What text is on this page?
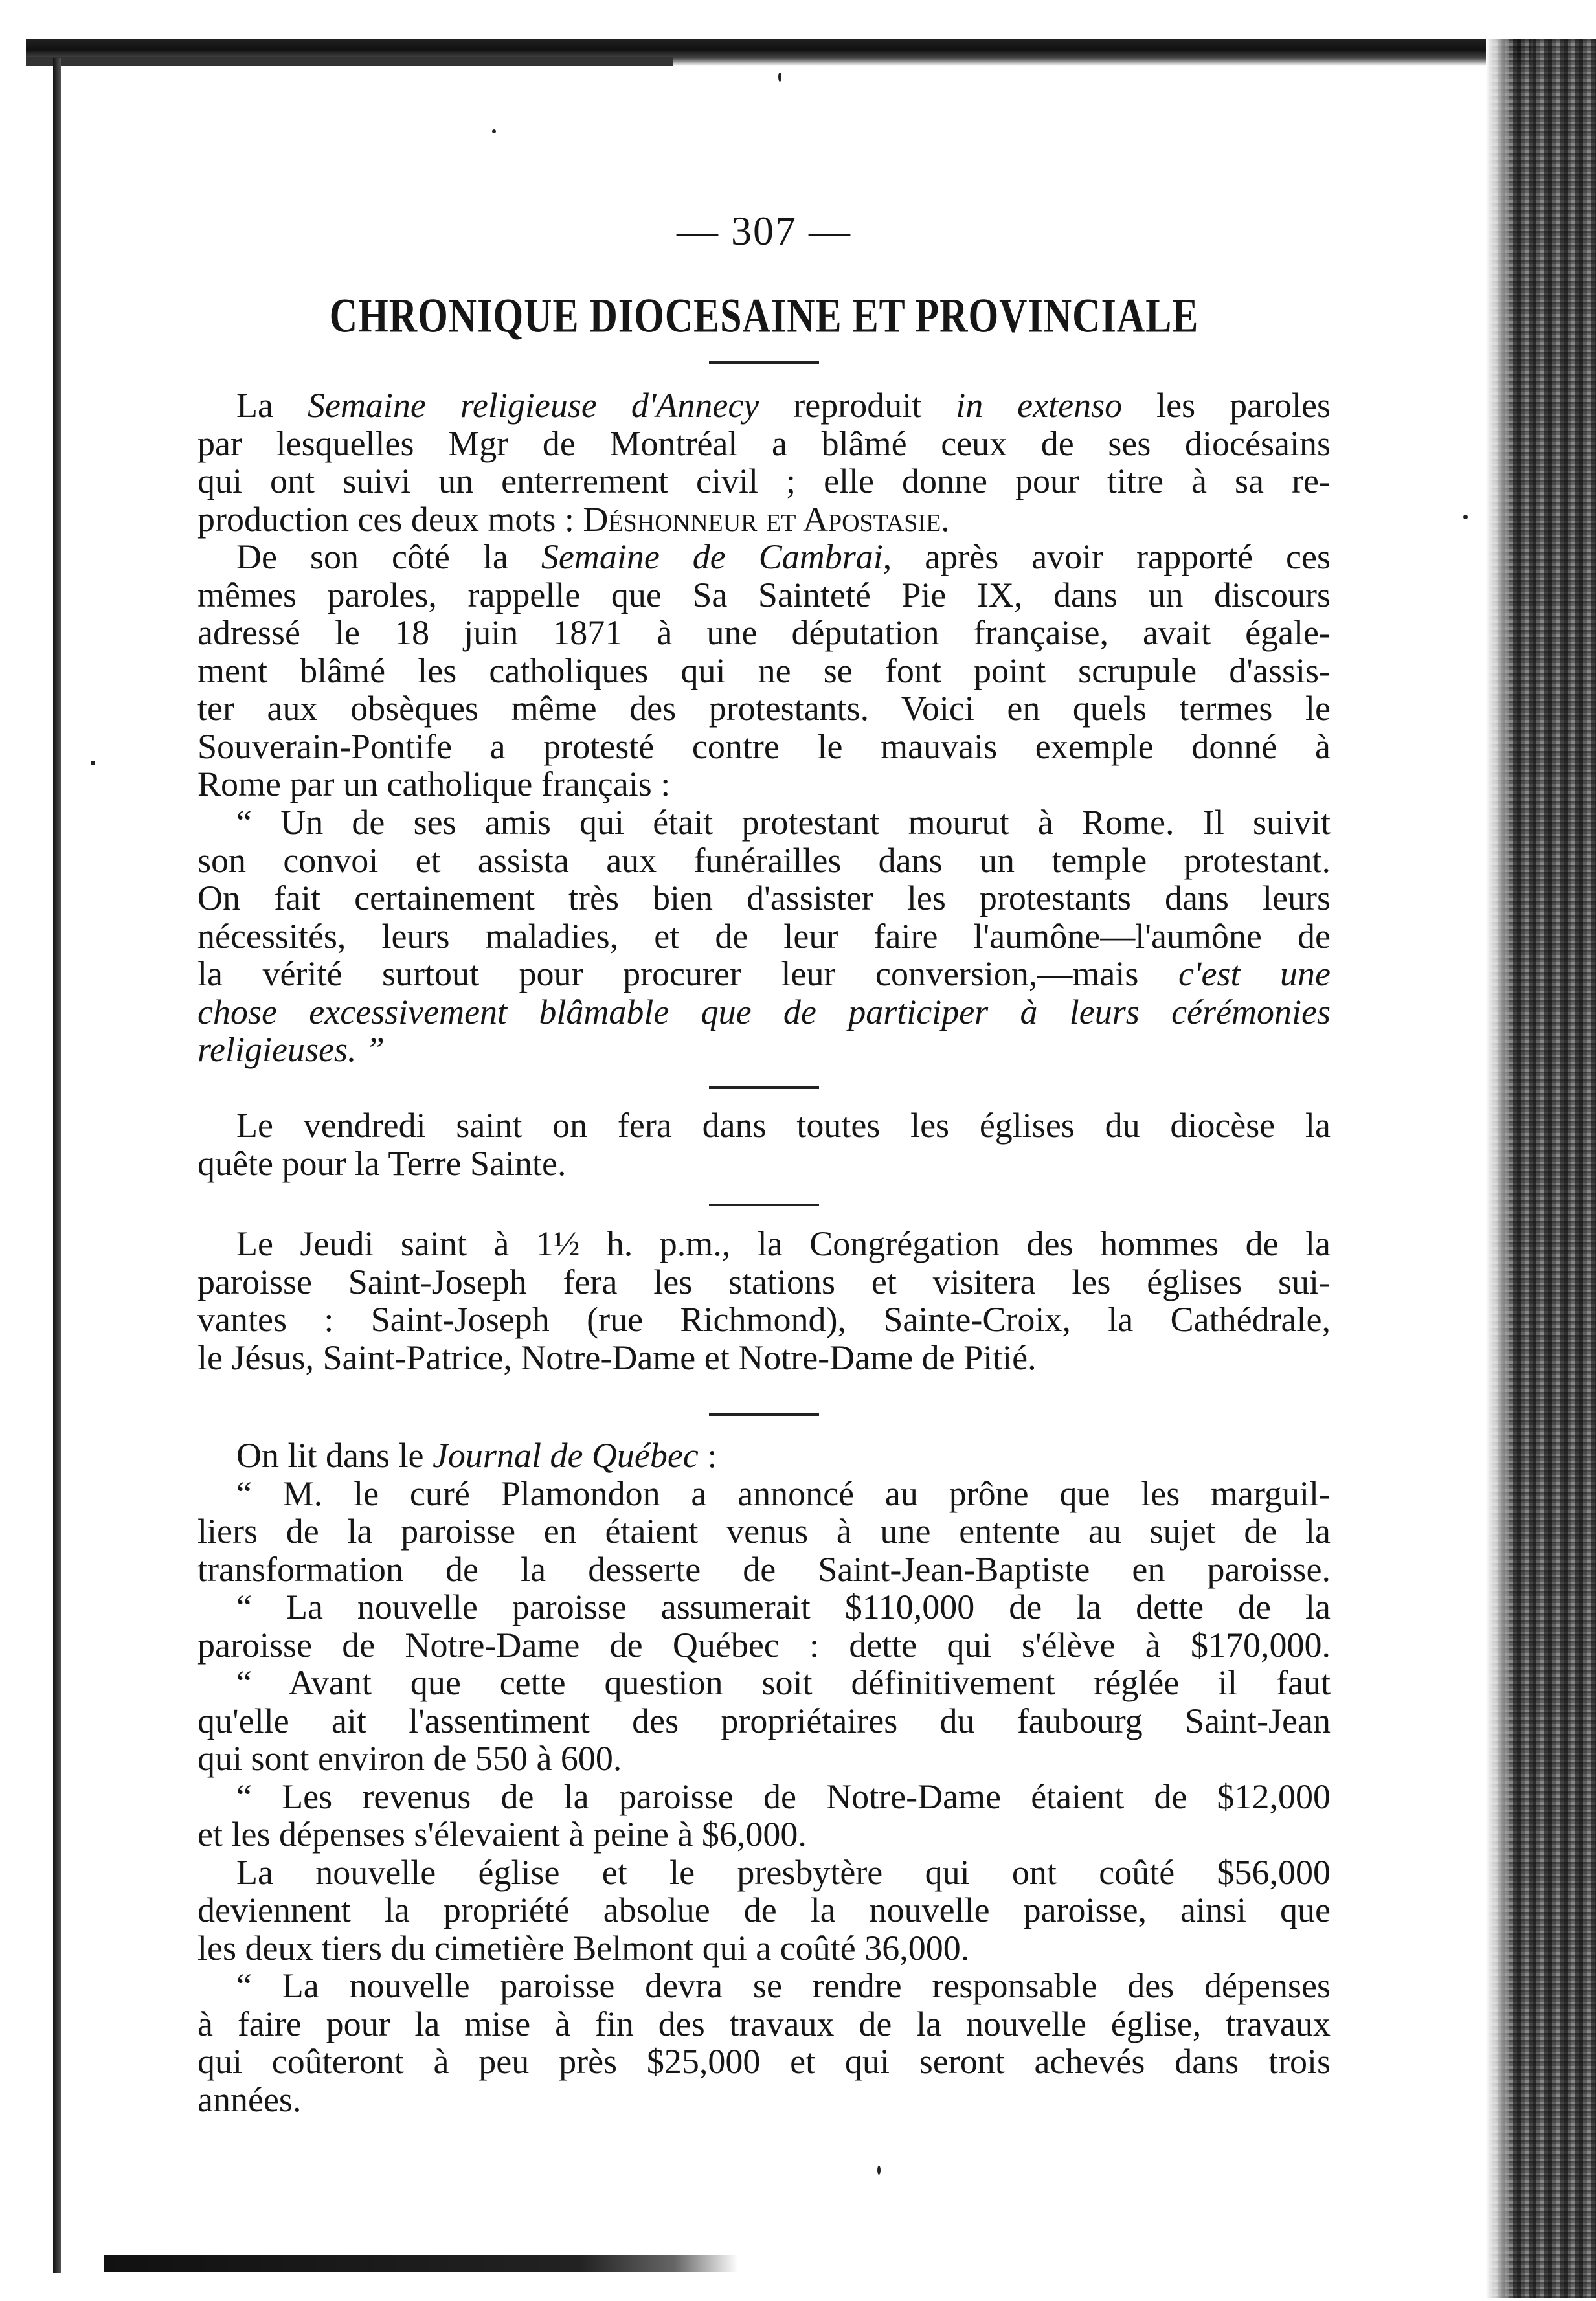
— 307 —
CHRONIQUE DIOCESAINE ET PROVINCIALE
La Semaine religieuse d'Annecy reproduit in extenso les paroles
par lesquelles Mgr de Montréal a blâmé ceux de ses diocésains
qui ont suivi un enterrement civil ; elle donne pour titre à sa re-
production ces deux mots : Déshonneur et Apostasie.
De son côté la Semaine de Cambrai, après avoir rapporté ces
mêmes paroles, rappelle que Sa Sainteté Pie IX, dans un discours
adressé le 18 juin 1871 à une députation française, avait égale-
ment blâmé les catholiques qui ne se font point scrupule d'assis-
ter aux obsèques même des protestants. Voici en quels termes le
Souverain-Pontife a protesté contre le mauvais exemple donné à
Rome par un catholique français :
“ Un de ses amis qui était protestant mourut à Rome. Il suivit
son convoi et assista aux funérailles dans un temple protestant.
On fait certainement très bien d'assister les protestants dans leurs
nécessités, leurs maladies, et de leur faire l'aumône—l'aumône de
la vérité surtout pour procurer leur conversion,—mais c'est une
chose excessivement blâmable que de participer à leurs cérémonies
religieuses. ”
Le vendredi saint on fera dans toutes les églises du diocèse la
quête pour la Terre Sainte.
Le Jeudi saint à 1½ h. p.m., la Congrégation des hommes de la
paroisse Saint-Joseph fera les stations et visitera les églises sui-
vantes : Saint-Joseph (rue Richmond), Sainte-Croix, la Cathédrale,
le Jésus, Saint-Patrice, Notre-Dame et Notre-Dame de Pitié.
On lit dans le Journal de Québec :
“ M. le curé Plamondon a annoncé au prône que les marguil-
liers de la paroisse en étaient venus à une entente au sujet de la
transformation de la desserte de Saint-Jean-Baptiste en paroisse.
“ La nouvelle paroisse assumerait $110,000 de la dette de la
paroisse de Notre-Dame de Québec : dette qui s'élève à $170,000.
“ Avant que cette question soit définitivement réglée il faut
qu'elle ait l'assentiment des propriétaires du faubourg Saint-Jean
qui sont environ de 550 à 600.
“ Les revenus de la paroisse de Notre-Dame étaient de $12,000
et les dépenses s'élevaient à peine à $6,000.
La nouvelle église et le presbytère qui ont coûté $56,000
deviennent la propriété absolue de la nouvelle paroisse, ainsi que
les deux tiers du cimetière Belmont qui a coûté 36,000.
“ La nouvelle paroisse devra se rendre responsable des dépenses
à faire pour la mise à fin des travaux de la nouvelle église, travaux
qui coûteront à peu près $25,000 et qui seront achevés dans trois
années.
